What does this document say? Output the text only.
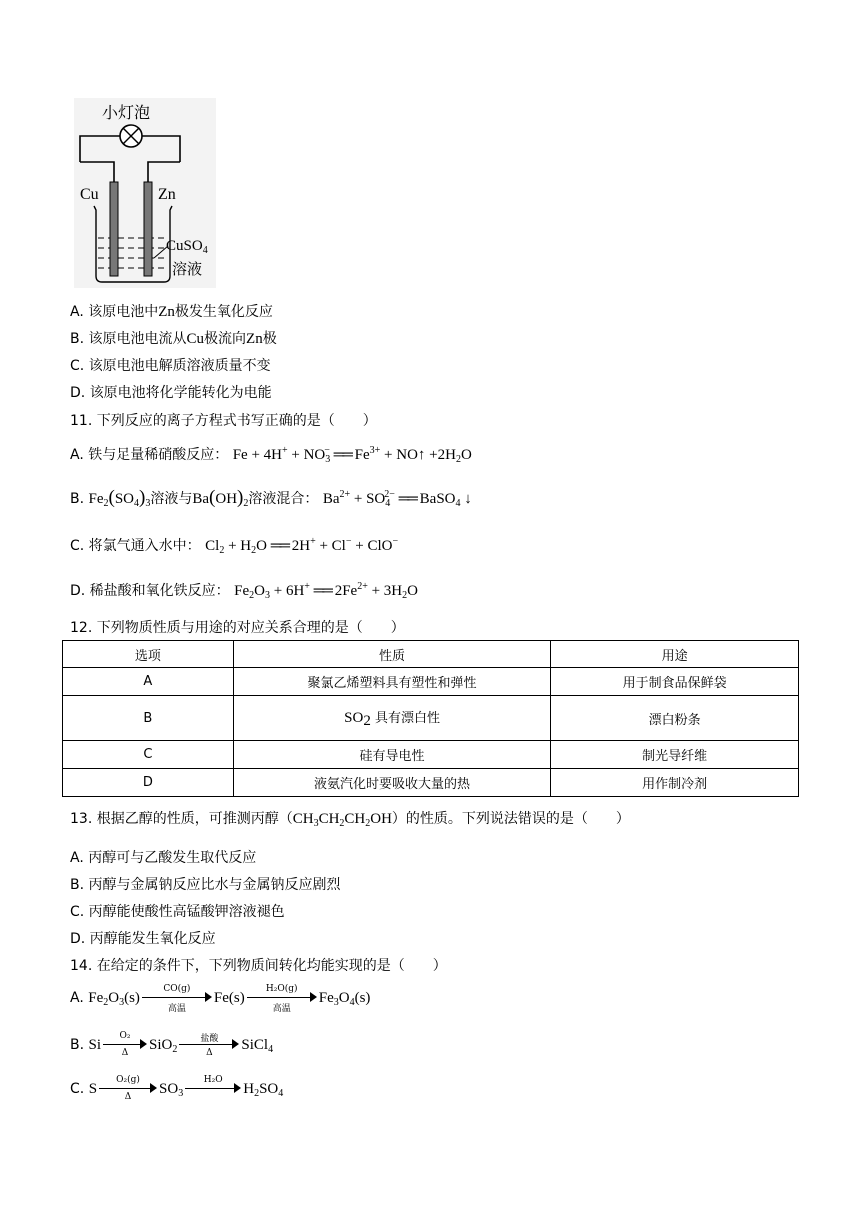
小灯泡
Cu	Zn
CuSO$_4$
溶液
A. 该原电池中Zn极发生氧化反应
B. 该原电池电流从Cu极流向Zn极
C. 该原电池电解质溶液质量不变
D. 该原电池将化学能转化为电能
11. 下列反应的离子方程式书写正确的是（　　）
A. 铁与足量稀硝酸反应： $Fe + 4H^+ + NO_3^-$ ══ $Fe^{3+}$ + NO↑ $+2H_2O$
B. $Fe_2(SO_4)_3$溶液与$Ba(OH)_2$溶液混合： $Ba^{2+} + SO_4^{2-}$ ══ BaSO$_4$ ↓
C. 将氯气通入水中： $Cl_2 + H_2O$ ══ 2H+ + Cl− + ClO−
D. 稀盐酸和氧化铁反应： $Fe_2O_3 + 6H^+$ ══ $2Fe^{2+} + 3H_2O$
12. 下列物质性质与用途的对应关系合理的是（　　）
选项	性质	用途
A	聚氯乙烯塑料具有塑性和弹性	用于制食品保鲜袋
B	$SO_2$ 具有漂白性	漂白粉条
C	硅有导电性	制光导纤维
D	液氨汽化时要吸收大量的热	用作制冷剂
13. 根据乙醇的性质，可推测丙醇$(CH_3CH_2CH_2OH)$的性质。下列说法错误的是（　　）
A. 丙醇可与乙酸发生取代反应
B. 丙醇与金属钠反应比水与金属钠反应剧烈
C. 丙醇能使酸性高锰酸钾溶液褪色
D. 丙醇能发生氧化反应
14. 在给定的条件下，下列物质间转化均能实现的是（　　）
A. $Fe_2O_3(s)$
CO(g)
高温
Fe(s)
H₂O(g)
高温
$Fe_3O_4(s)$
B. Si $\frac{\text{O₂}}{\Delta} SiO_2$
盐酸
Δ	SiCl$_4$
C. S $\frac{\text{O₂(g)}}{\Delta} SO_3$
H₂O
$H_2SO_4$
